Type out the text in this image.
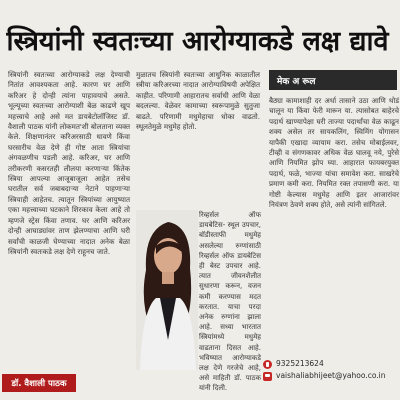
स्त्रियांनी स्वतःच्या आरोग्याकडे लक्ष द्यावे
स्त्रियांनी स्वतःच्या आरोग्याकडे लक्ष देण्याची नितांत आवश्यकता आहे. कारण घर आणि करिअर हे दोन्ही त्यांना पाहावयाचे असते. भूल्यूच्या स्वतःच्या आरोग्याशी बेळ काढणे खूप महत्त्वाचे आहे असे मत डायबेटोलॉजिस्ट डॉ. वैशाली पाठक यांनी लोकमत'शी बोलताना व्यक्त केले. शिक्षणानंतर करिअरसाठी धावणे किंवा घरसारीच वेळ देणे ही गोष्ट आता स्त्रियांचा अंगवळणीच पडली आहे. करिअर, घर आणि तरीकरणी कसरतही लीलया करणाऱ्या किंतेक स्त्रिया आपल्या आजूबाजूला आहेत तसेच घरातील सर्व जबाबदाऱ्या नेटाने पाहणाऱ्या स्त्रियाही आहेतच. त्यातून स्त्रियांच्या आयुष्यात एका महत्त्वाच्या घटकाने शिरकाव केला आहे तो म्हणजे स्ट्रेस किंवा तणाव. घर आणि करिअर दोन्ही आघाड्यांवर ताण झेलण्याचा आणि घरी सर्वांची काळजी घेण्याच्या नादात अनेक बेळा स्त्रियांनी स्वतःकडे लक्ष देणे राहूनच जाते.
मुळातच स्त्रियांनी स्वतःच्या आधुनिक काळातील स्त्रीया करिअरच्या नादात आरोग्याविषयी अपेक्षित काहीत. परिणामी आहारातच सर्वाधी आणि वेळा बदलल्या. वेळेवर कामाच्या स्वरूपामुळे सुतुजा बाढते. परिणामी मधुमेहाचा धोका वाढतो. स्थूलतेमुळे मधुमेह होतो.
रिव्हर्सल ऑफ डायबेटिस- स्थूल उपचार, बॉडीस्ताफी मधुमेह असलेल्या रुग्णांसाठी रिव्हर्सल ऑफ डायबेटिस ही बेस्ट उपचार आहे. त्यात जीवनशैलीत सुधारणा करून, वजन कमी करण्यास मदत करतात. याचा परदा अनेक रुग्णांना झाला आहे. सध्या भारतात स्त्रियांमध्ये मधुमेह वाढताना दिसत आहे. भविष्यात आरोग्याकडे लक्ष देणे गरजेचे आहे, असे माहिती डॉ. पाठक यांनी दिली.
मेक अ रूल
बैठ्या कामाशाही दर अर्धा तासाने उठा आणि थोडं चालून या किंवा फेरी मारून या. त्यासोबत बाहेरचे पदार्थ खाण्यापेक्षा घरी ताज्या पदार्थांचा वेळ काढून शक्य असेल तर सायकलिंग, स्विमिंग योगासन यापैकी एखादा व्यायाम करा. तसेच मोबाईलवर, टीव्ही व संगणकावर अधिक वेळ घालवू नये, पुरेसे आणि नियमित झोप घ्या. आहारात फायबरयुक्त पदार्थ, फळे, भाज्या यांचा समावेश करा. साखरेचे प्रमाण कमी करा. नियमित रक्त तपासणी करा. या गोष्टी केल्यास मधुमेह आणि इतर आजारांवर नियंत्रण ठेवणे शक्य होते, असे त्यांनी सांगितले.
डॉ. वैशाली पाठक
9325213624
vaishaliabhijeet@yahoo.co.in
